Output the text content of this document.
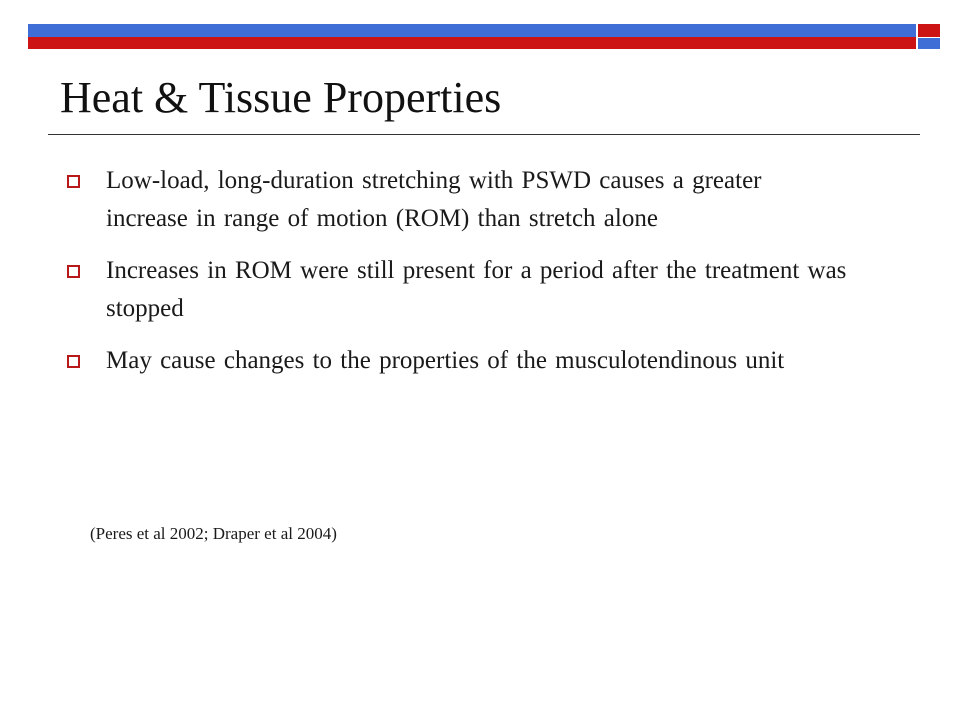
Heat & Tissue Properties
Low-load, long-duration stretching with PSWD causes a greater increase in range of motion (ROM) than stretch alone
Increases in ROM were still present for a period after the treatment was stopped
May cause changes to the properties of the musculotendinous unit

(Peres et al 2002; Draper et al 2004)
